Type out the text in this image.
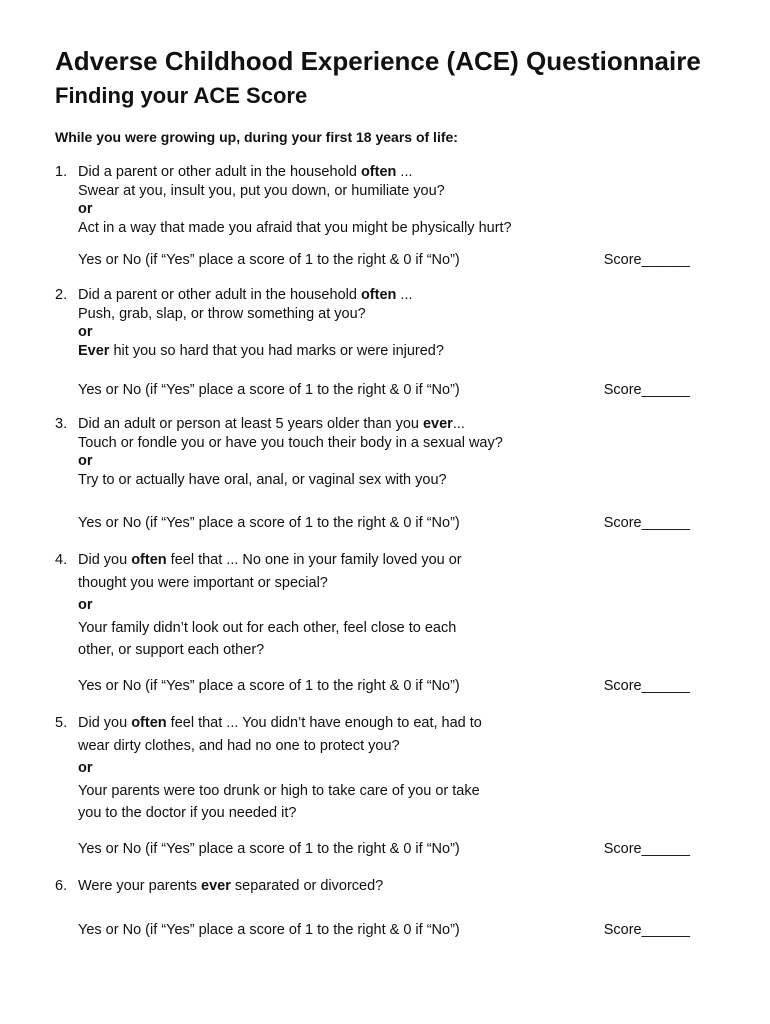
Adverse Childhood Experience (ACE) Questionnaire
Finding your ACE Score

While you were growing up, during your first 18 years of life:

1. Did a parent or other adult in the household often ...
Swear at you, insult you, put you down, or humiliate you?
or
Act in a way that made you afraid that you might be physically hurt?
Yes or No (if “Yes” place a score of 1 to the right & 0 if “No”)	Score______
2. Did a parent or other adult in the household often ...
Push, grab, slap, or throw something at you?
or
Ever hit you so hard that you had marks or were injured?
Yes or No (if “Yes” place a score of 1 to the right & 0 if “No”)	Score______
3. Did an adult or person at least 5 years older than you ever...
Touch or fondle you or have you touch their body in a sexual way?
or
Try to or actually have oral, anal, or vaginal sex with you?
Yes or No (if “Yes” place a score of 1 to the right & 0 if “No”)	Score______
4. Did you often feel that ... No one in your family loved you or
thought you were important or special?
or
Your family didn’t look out for each other, feel close to each
other, or support each other?
Yes or No (if “Yes” place a score of 1 to the right & 0 if “No”)	Score______
5. Did you often feel that ... You didn’t have enough to eat, had to
wear dirty clothes, and had no one to protect you?
or
Your parents were too drunk or high to take care of you or take
you to the doctor if you needed it?
Yes or No (if “Yes” place a score of 1 to the right & 0 if “No”)	Score______
6. Were your parents ever separated or divorced?
Yes or No (if “Yes” place a score of 1 to the right & 0 if “No”)	Score______
